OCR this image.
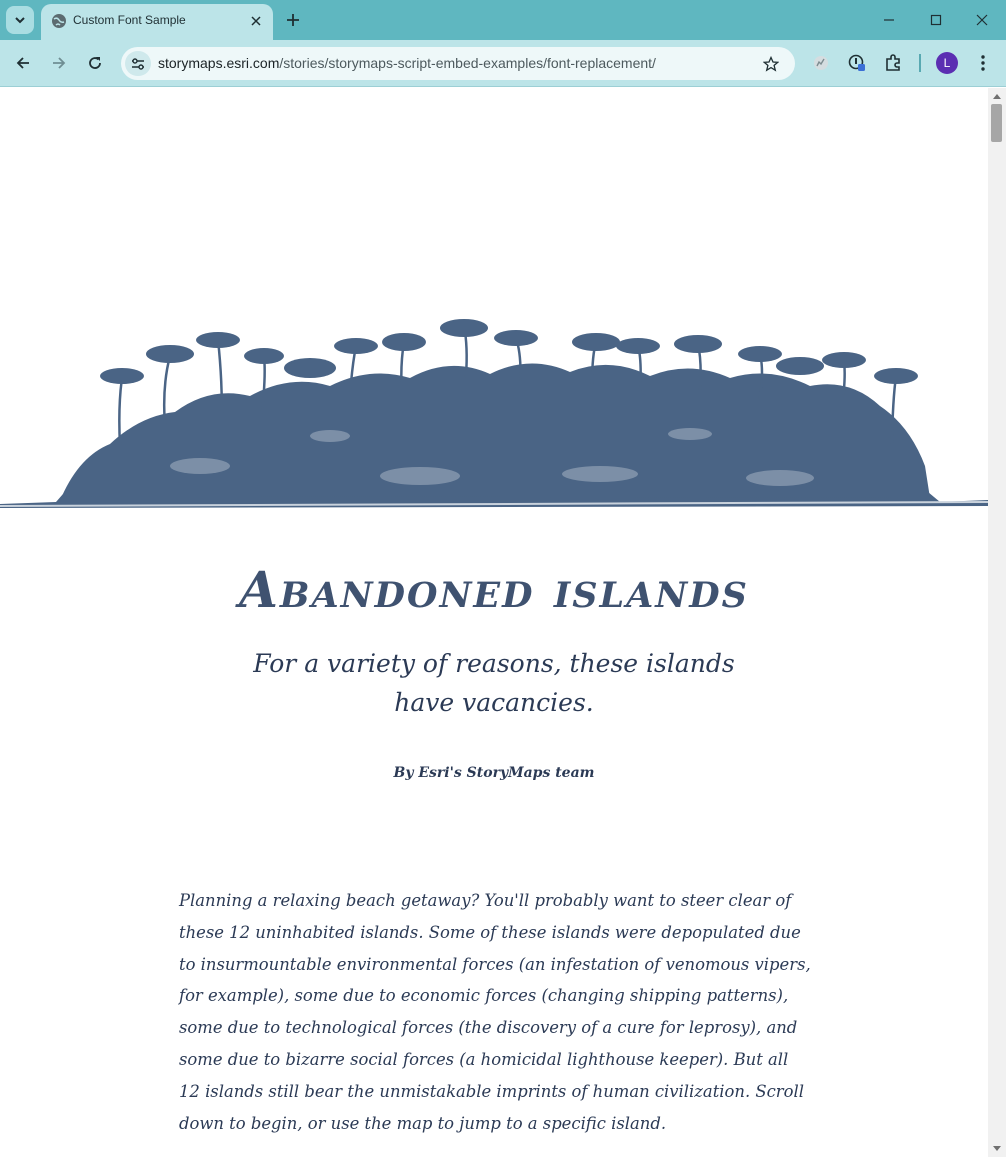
Custom Font Sample
storymaps.esri.com/stories/storymaps-script-embed-examples/font-replacement/	L
Abandoned islands

For a variety of reasons, these islands have vacancies.

By Esri's StoryMaps team

Planning a relaxing beach getaway? You'll probably want to steer clear of these 12 uninhabited islands. Some of these islands were depopulated due to insurmountable environmental forces (an infestation of venomous vipers, for example), some due to economic forces (changing shipping patterns), some due to technological forces (the discovery of a cure for leprosy), and some due to bizarre social forces (a homicidal lighthouse keeper). But all 12 islands still bear the unmistakable imprints of human civilization. Scroll down to begin, or use the map to jump to a specific island.
